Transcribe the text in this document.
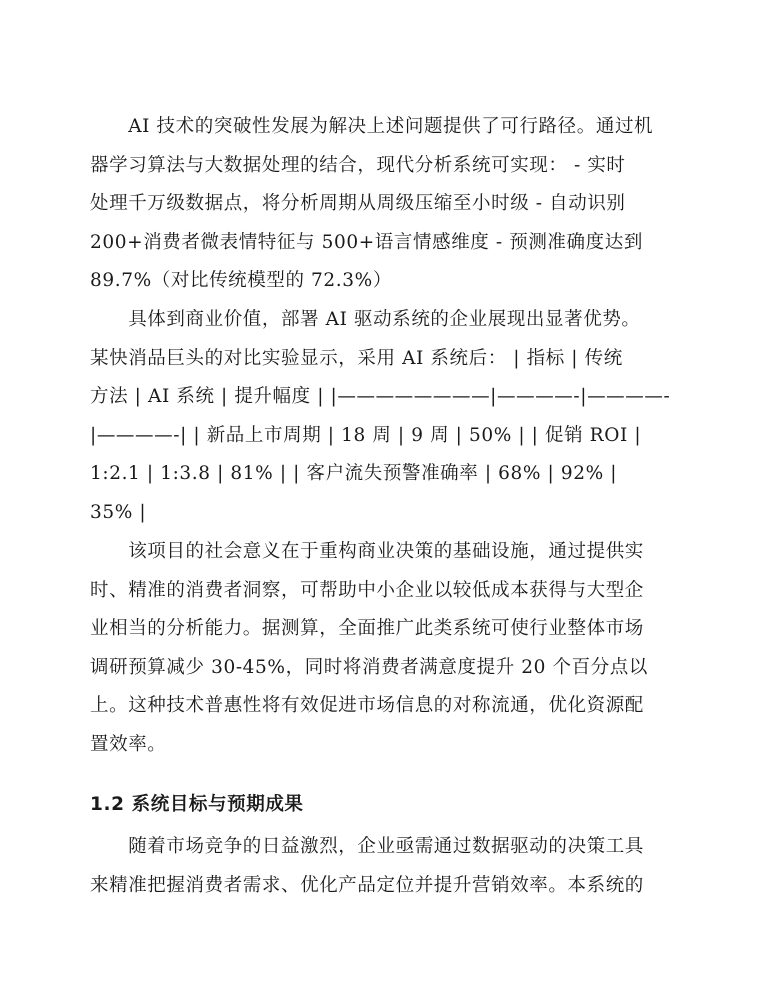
　　AI 技术的突破性发展为解决上述问题提供了可行路径。通过机
器学习算法与大数据处理的结合，现代分析系统可实现： - 实时
处理千万级数据点，将分析周期从周级压缩至小时级 - 自动识别
200+消费者微表情特征与 500+语言情感维度 - 预测准确度达到
89.7%（对比传统模型的 72.3%）
　　具体到商业价值，部署 AI 驱动系统的企业展现出显著优势。
某快消品巨头的对比实验显示，采用 AI 系统后： | 指标 | 传统
方法 | AI 系统 | 提升幅度 | |————————|————-|————-
|————-| | 新品上市周期 | 18 周 | 9 周 | 50% | | 促销 ROI |
1:2.1 | 1:3.8 | 81% | | 客户流失预警准确率 | 68% | 92% |
35% |
　　该项目的社会意义在于重构商业决策的基础设施，通过提供实
时、精准的消费者洞察，可帮助中小企业以较低成本获得与大型企
业相当的分析能力。据测算，全面推广此类系统可使行业整体市场
调研预算减少 30-45%，同时将消费者满意度提升 20 个百分点以
上。这种技术普惠性将有效促进市场信息的对称流通，优化资源配
置效率。
1.2 系统目标与预期成果
　　随着市场竞争的日益激烈，企业亟需通过数据驱动的决策工具
来精准把握消费者需求、优化产品定位并提升营销效率。本系统的
